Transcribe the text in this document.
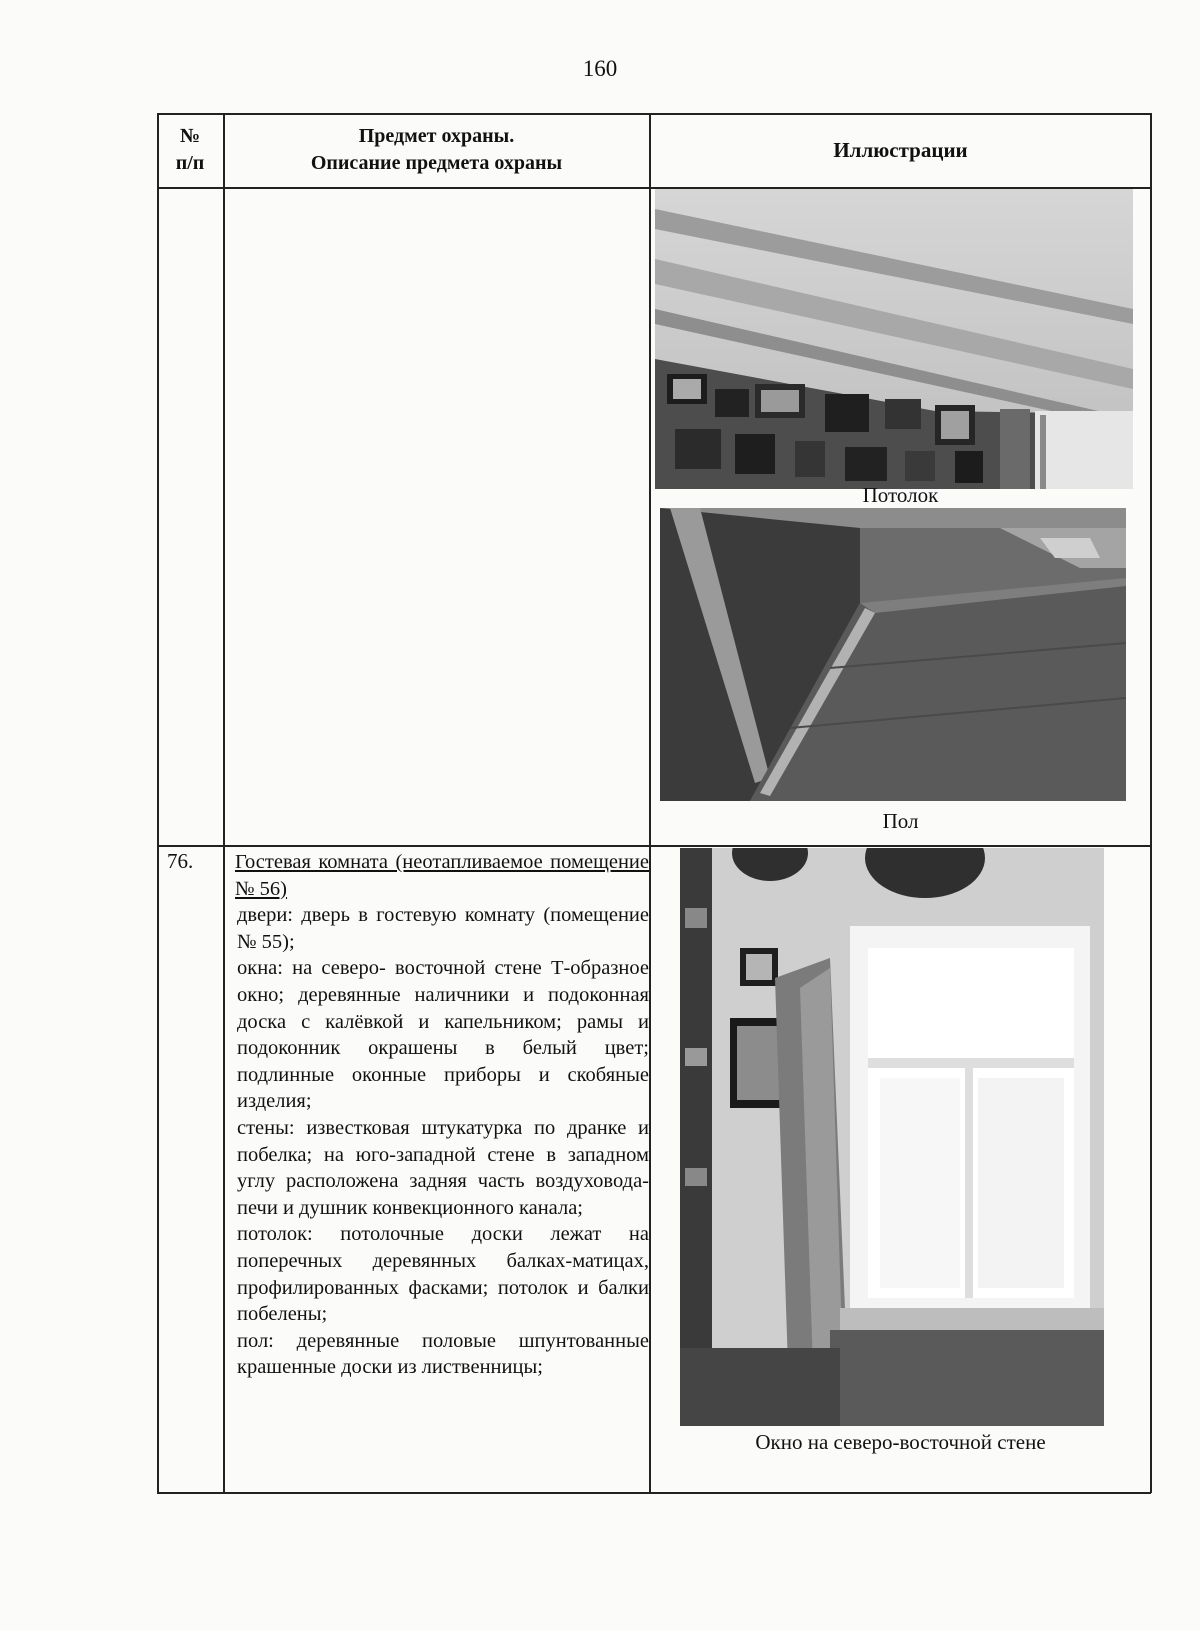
160
№
п/п
Предмет охраны.
Описание предмета охраны
Иллюстрации
Потолок
Пол
76. Гостевая комната (неотапливаемое помещение № 56)

двери: дверь в гостевую комнату (помещение № 55);

окна: на северо- восточной стене Т-образное окно; деревянные наличники и подоконная доска с калёвкой и капельником; рамы и подоконник окрашены в белый цвет; подлинные оконные приборы и скобяные изделия;

стены: известковая штукатурка по дранке и побелка; на юго-западной стене в западном углу расположена задняя часть воздуховода-печи и душник конвекционного канала;

потолок: потолочные доски лежат на поперечных деревянных балках-матицах, профилированных фасками; потолок и балки побелены;

пол: деревянные половые шпунтованные крашенные доски из лиственницы;

Окно на северо-восточной стене
